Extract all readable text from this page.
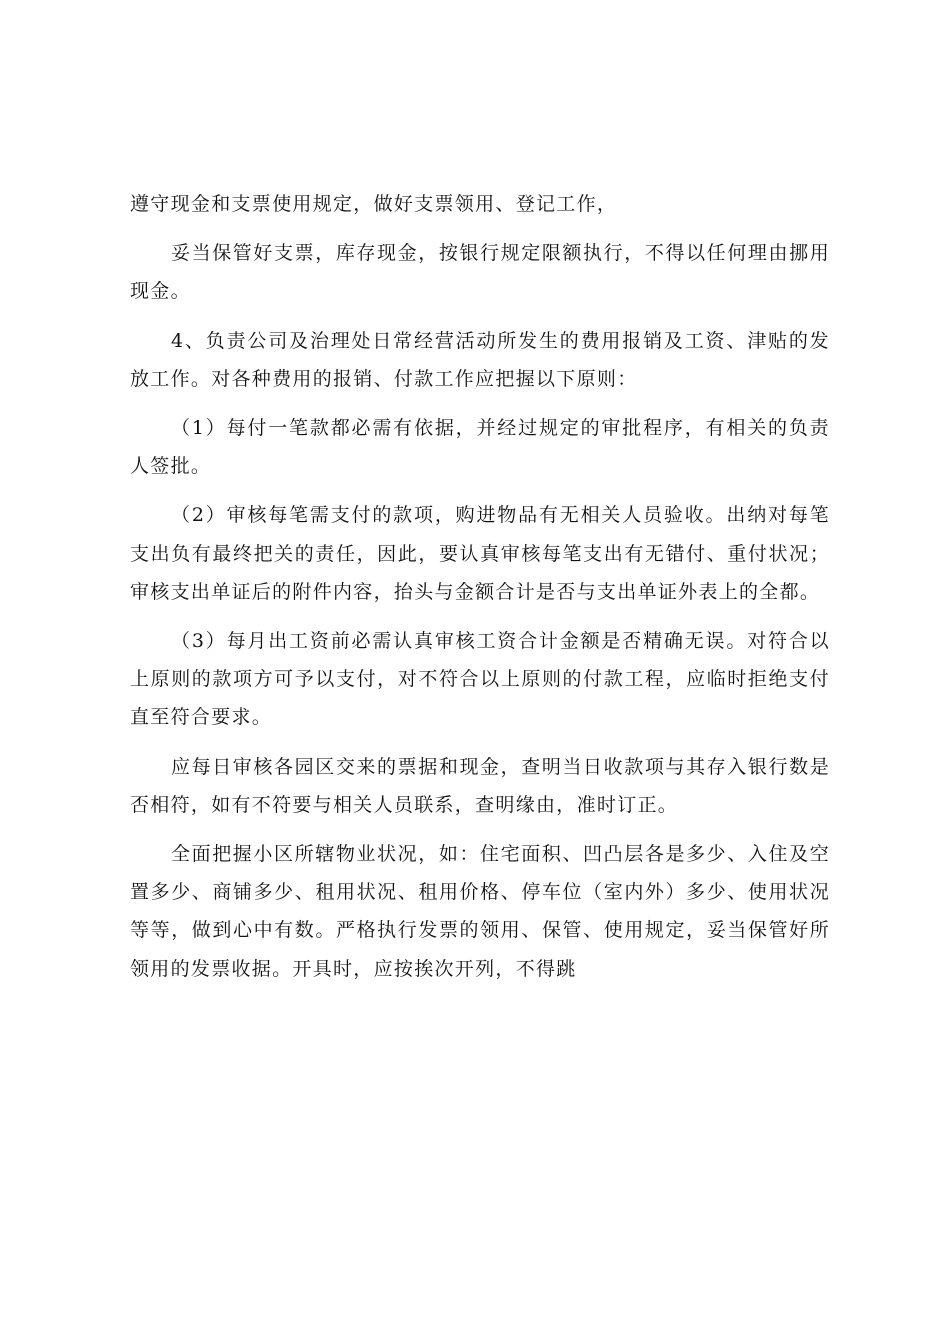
遵守现金和支票使用规定，做好支票领用、登记工作，

妥当保管好支票，库存现金，按银行规定限额执行，不得以任何理由挪用现金。

4、负责公司及治理处日常经营活动所发生的费用报销及工资、津贴的发放工作。对各种费用的报销、付款工作应把握以下原则：

（1）每付一笔款都必需有依据，并经过规定的审批程序，有相关的负责人签批。

（2）审核每笔需支付的款项，购进物品有无相关人员验收。出纳对每笔支出负有最终把关的责任，因此，要认真审核每笔支出有无错付、重付状况；审核支出单证后的附件内容，抬头与金额合计是否与支出单证外表上的全都。

（3）每月出工资前必需认真审核工资合计金额是否精确无误。对符合以上原则的款项方可予以支付，对不符合以上原则的付款工程，应临时拒绝支付直至符合要求。

应每日审核各园区交来的票据和现金，查明当日收款项与其存入银行数是否相符，如有不符要与相关人员联系，查明缘由，准时订正。

全面把握小区所辖物业状况，如：住宅面积、凹凸层各是多少、入住及空置多少、商铺多少、租用状况、租用价格、停车位（室内外）多少、使用状况等等，做到心中有数。严格执行发票的领用、保管、使用规定，妥当保管好所领用的发票收据。开具时，应按挨次开列，不得跳
